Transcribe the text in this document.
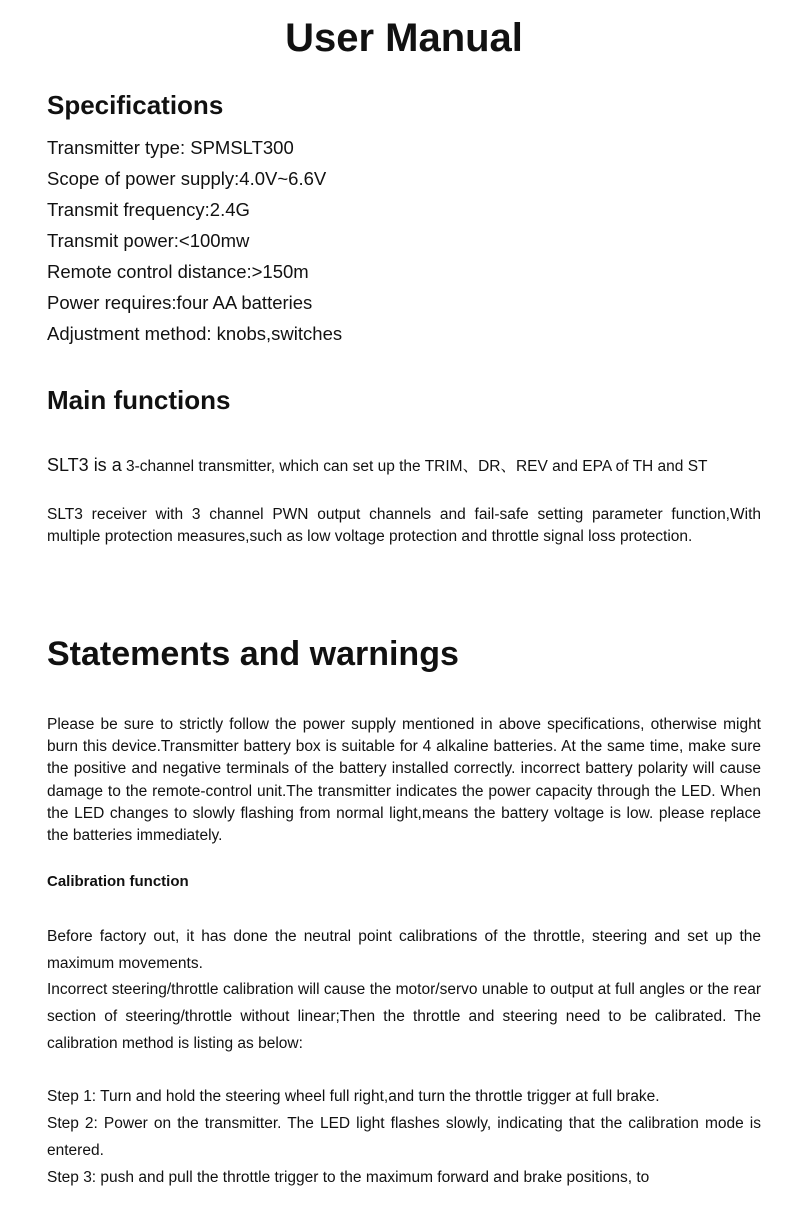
User Manual
Specifications
Transmitter type: SPMSLT300
Scope of power supply:4.0V~6.6V
Transmit frequency:2.4G
Transmit power:<100mw
Remote control distance:>150m
Power requires:four AA batteries
Adjustment method: knobs,switches
Main functions

SLT3 is a 3-channel transmitter, which can set up the TRIM、DR、REV and EPA of TH and ST

SLT3 receiver with 3 channel PWN output channels and fail-safe setting parameter function,With multiple protection measures,such as low voltage protection and throttle signal loss protection.

Statements and warnings

Please be sure to strictly follow the power supply mentioned in above specifications, otherwise might burn this device.Transmitter battery box is suitable for 4 alkaline batteries. At the same time, make sure the positive and negative terminals of the battery installed correctly. incorrect battery polarity will cause damage to the remote-control unit.The transmitter indicates the power capacity through the LED. When the LED changes to slowly flashing from normal light,means the battery voltage is low. please replace the batteries immediately.

Calibration function

Before factory out, it has done the neutral point calibrations of the throttle, steering and set up the maximum movements.

Incorrect steering/throttle calibration will cause the motor/servo unable to output at full angles or the rear section of steering/throttle without linear;Then the throttle and steering need to be calibrated. The calibration method is listing as below:

Step 1: Turn and hold the steering wheel full right,and turn the throttle trigger at full brake.

Step 2: Power on the transmitter. The LED light flashes slowly, indicating that the calibration mode is entered.

Step 3: push and pull the throttle trigger to the maximum forward and brake positions, to
